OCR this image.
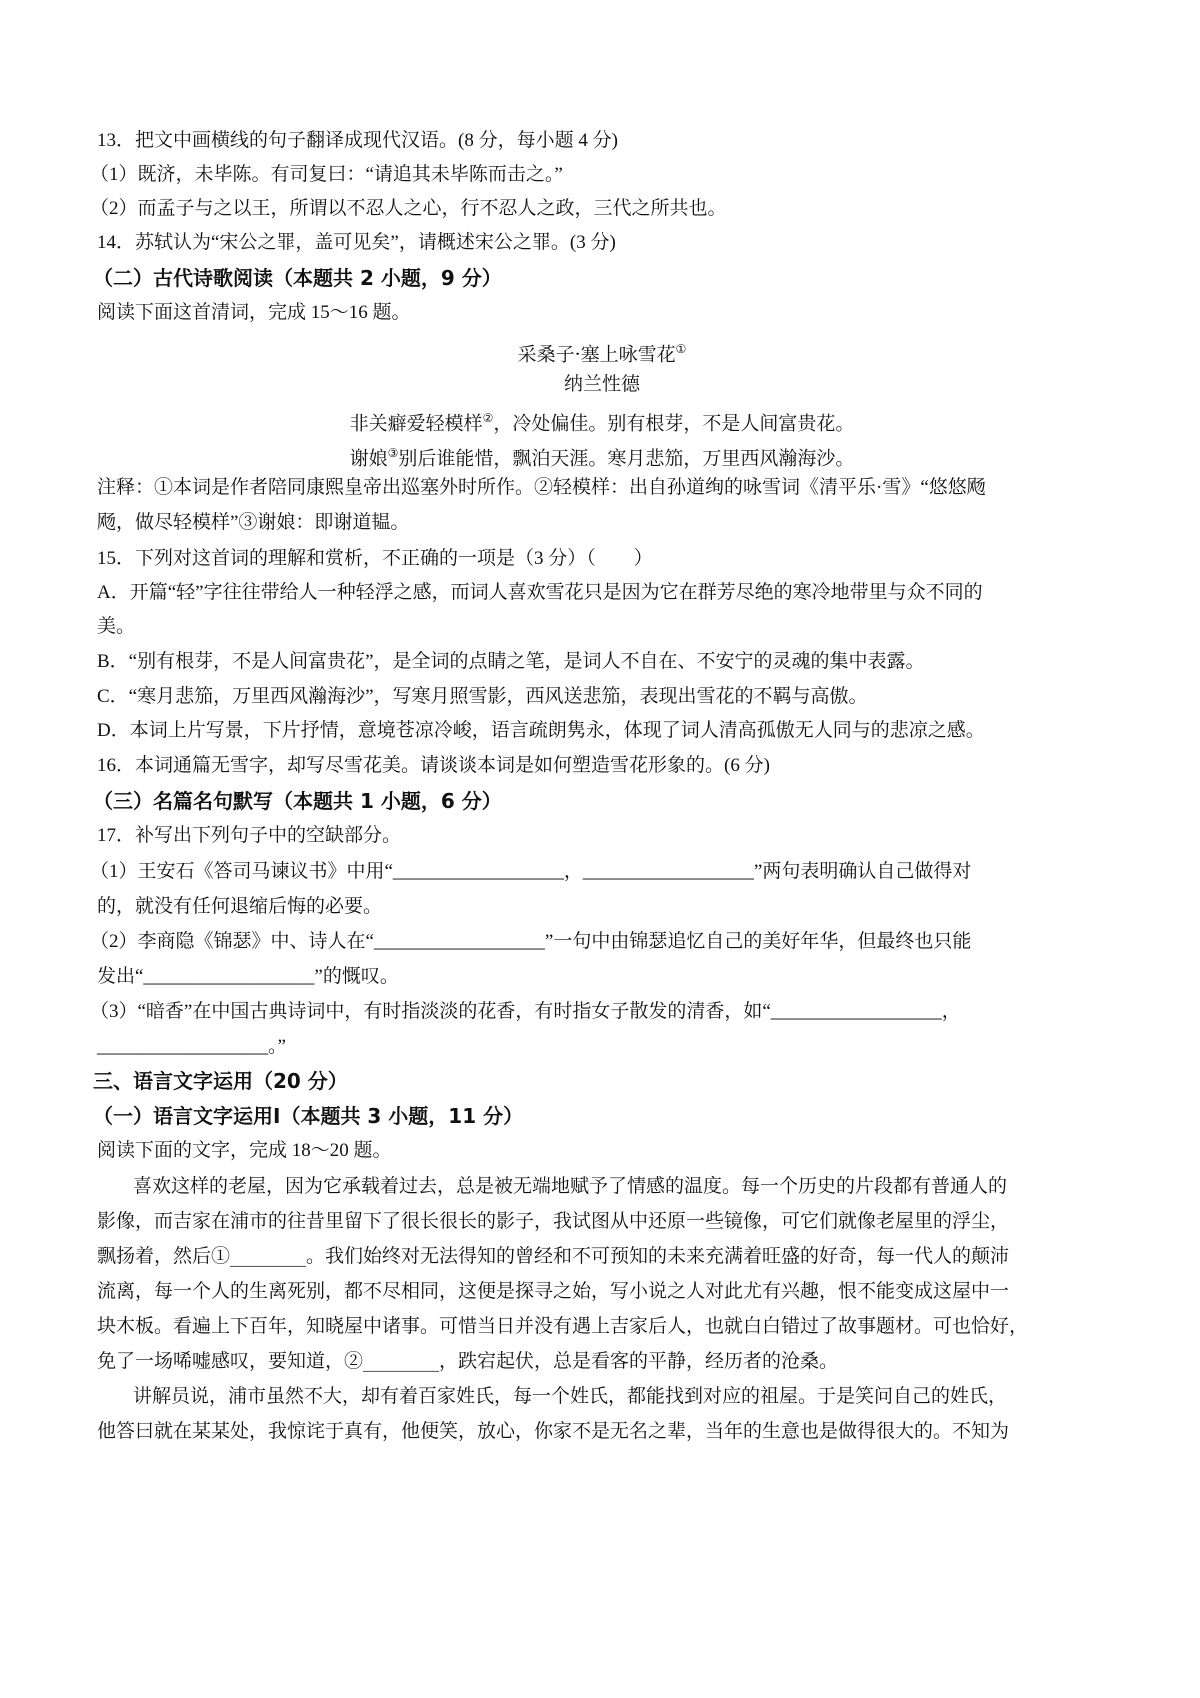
13．把文中画横线的句子翻译成现代汉语。(8 分，每小题 4 分)
（1）既济，未毕陈。有司复曰：“请追其未毕陈而击之。”
（2）而孟子与之以王，所谓以不忍人之心，行不忍人之政，三代之所共也。
14．苏轼认为“宋公之罪，盖可见矣”，请概述宋公之罪。(3 分)
（二）古代诗歌阅读（本题共 2 小题，9 分）
阅读下面这首清词，完成 15～16 题。
采桑子·塞上咏雪花①
纳兰性德
非关癖爱轻模样②，冷处偏佳。别有根芽，不是人间富贵花。
谢娘③别后谁能惜，飘泊天涯。寒月悲笳，万里西风瀚海沙。
注释：①本词是作者陪同康熙皇帝出巡塞外时所作。②轻模样：出自孙道绚的咏雪词《清平乐·雪》“悠悠飏
飏，做尽轻模样”③谢娘：即谢道韫。
15．下列对这首词的理解和赏析，不正确的一项是（3 分）（　　）
A．开篇“轻”字往往带给人一种轻浮之感，而词人喜欢雪花只是因为它在群芳尽绝的寒冷地带里与众不同的
美。
B．“别有根芽，不是人间富贵花”，是全词的点睛之笔，是词人不自在、不安宁的灵魂的集中表露。
C．“寒月悲笳，万里西风瀚海沙”，写寒月照雪影，西风送悲笳，表现出雪花的不羁与高傲。
D．本词上片写景，下片抒情，意境苍凉冷峻，语言疏朗隽永，体现了词人清高孤傲无人同与的悲凉之感。
16．本词通篇无雪字，却写尽雪花美。请谈谈本词是如何塑造雪花形象的。(6 分)
（三）名篇名句默写（本题共 1 小题，6 分）
17．补写出下列句子中的空缺部分。
（1）王安石《答司马谏议书》中用“__________________，__________________”两句表明确认自己做得对
的，就没有任何退缩后悔的必要。
（2）李商隐《锦瑟》中、诗人在“__________________”一句中由锦瑟追忆自己的美好年华，但最终也只能
发出“__________________”的慨叹。
（3）“暗香”在中国古典诗词中，有时指淡淡的花香，有时指女子散发的清香，如“__________________，
__________________。”
三、语言文字运用（20 分）
（一）语言文字运用Ⅰ（本题共 3 小题，11 分）
阅读下面的文字，完成 18～20 题。
喜欢这样的老屋，因为它承载着过去，总是被无端地赋予了情感的温度。每一个历史的片段都有普通人的
影像，而吉家在浦市的往昔里留下了很长很长的影子，我试图从中还原一些镜像，可它们就像老屋里的浮尘，
飘扬着，然后①________。我们始终对无法得知的曾经和不可预知的未来充满着旺盛的好奇，每一代人的颠沛
流离，每一个人的生离死别，都不尽相同，这便是探寻之始，写小说之人对此尤有兴趣，恨不能变成这屋中一
块木板。看遍上下百年，知晓屋中诸事。可惜当日并没有遇上吉家后人，也就白白错过了故事题材。可也恰好，
免了一场唏嘘感叹，要知道，②________，跌宕起伏，总是看客的平静，经历者的沧桑。
讲解员说，浦市虽然不大，却有着百家姓氏，每一个姓氏，都能找到对应的祖屋。于是笑问自己的姓氏，
他答曰就在某某处，我惊诧于真有，他便笑，放心，你家不是无名之辈，当年的生意也是做得很大的。不知为
